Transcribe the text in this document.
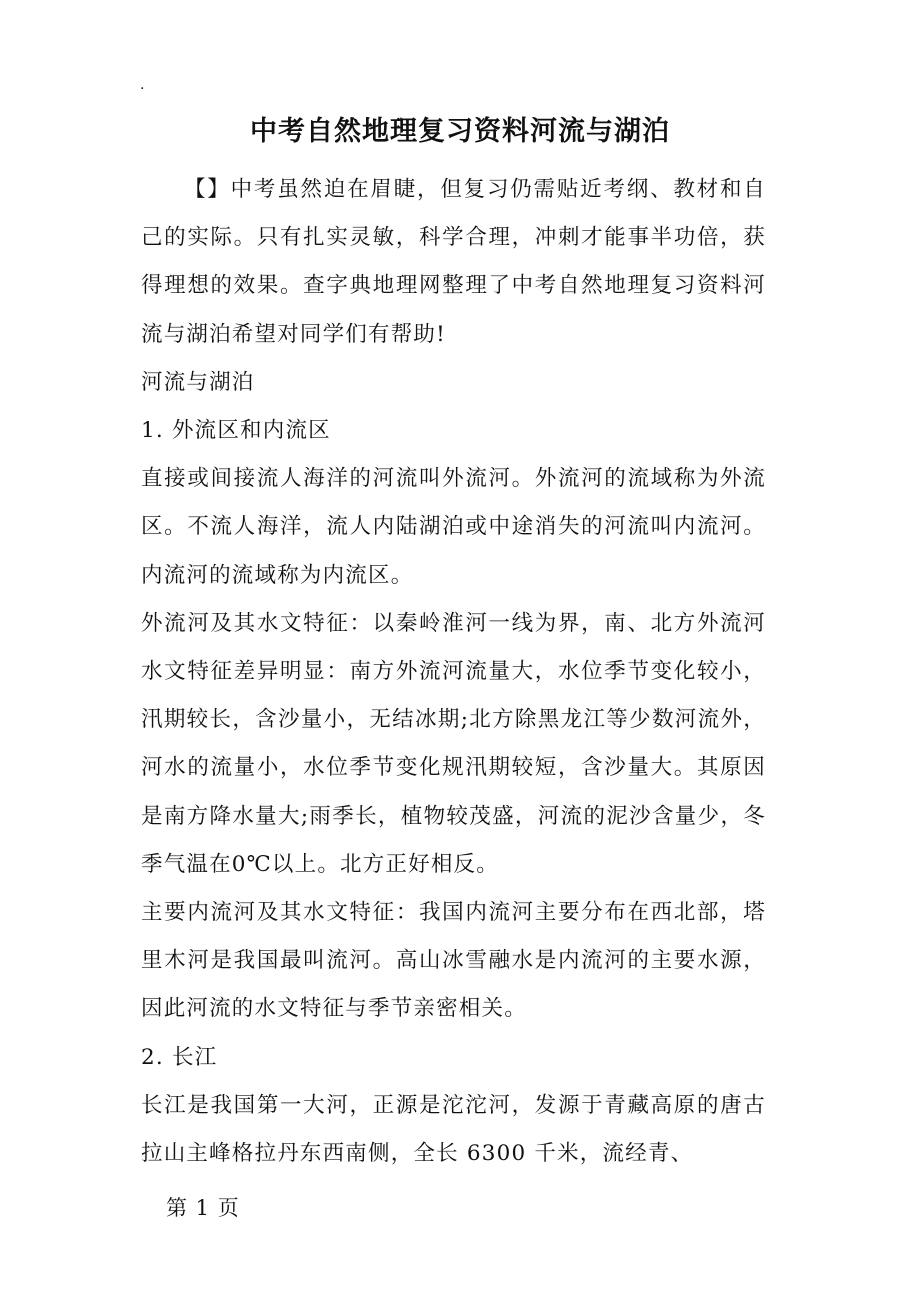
.
中考自然地理复习资料河流与湖泊

【】中考虽然迫在眉睫，但复习仍需贴近考纲、教材和自己的实际。只有扎实灵敏，科学合理，冲刺才能事半功倍，获得理想的效果。查字典地理网整理了中考自然地理复习资料河流与湖泊希望对同学们有帮助!

河流与湖泊

1. 外流区和内流区

直接或间接流人海洋的河流叫外流河。外流河的流域称为外流区。不流人海洋，流人内陆湖泊或中途消失的河流叫内流河。内流河的流域称为内流区。

外流河及其水文特征：以秦岭淮河一线为界，南、北方外流河水文特征差异明显：南方外流河流量大，水位季节变化较小，汛期较长，含沙量小，无结冰期;北方除黑龙江等少数河流外，河水的流量小，水位季节变化规汛期较短，含沙量大。其原因是南方降水量大;雨季长，植物较茂盛，河流的泥沙含量少，冬季气温在0℃以上。北方正好相反。

主要内流河及其水文特征：我国内流河主要分布在西北部，塔里木河是我国最叫流河。高山冰雪融水是内流河的主要水源，因此河流的水文特征与季节亲密相关。

2. 长江

长江是我国第一大河，正源是沱沱河，发源于青藏高原的唐古拉山主峰格拉丹东西南侧，全长 6300 千米，流经青、

第 1 页
